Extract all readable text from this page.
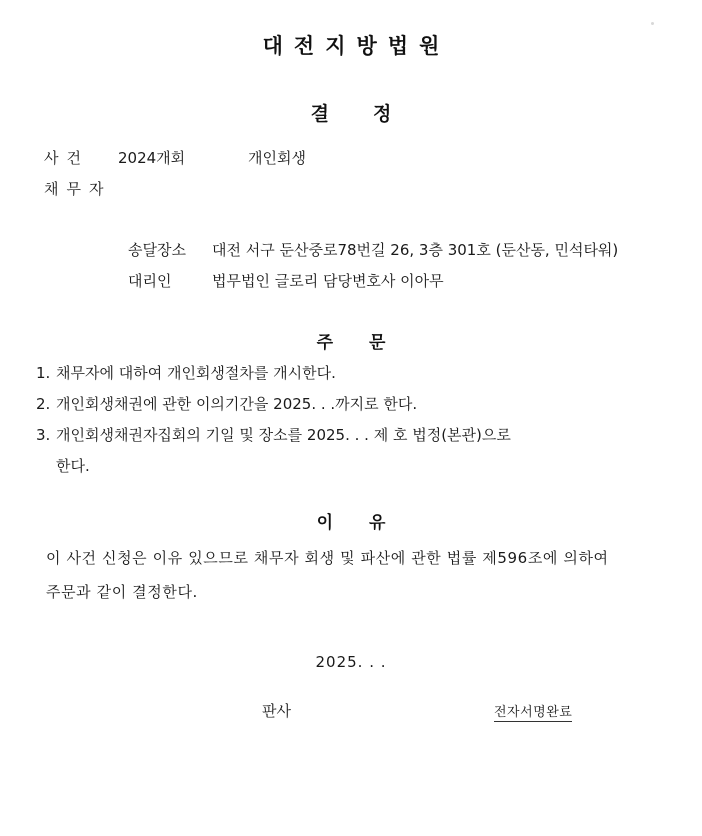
대전지방법원
결정
사건	2024개회	개인회생
채무자
송달장소 대전 서구 둔산중로78번길 26, 3층 301호 (둔산동, 민석타워)
대리인	법무법인 글로리 담당변호사 이아무
주문
1. 채무자에 대하여 개인회생절차를 개시한다.
2. 개인회생채권에 관한 이의기간을 2025. . .까지로 한다.
3. 개인회생채권자집회의 기일 및 장소를 2025. . . 제 호 법정(본관)으로
한다.
이유
이 사건 신청은 이유 있으므로 채무자 회생 및 파산에 관한 법률 제596조에 의하여
주문과 같이 결정한다.
2025. . .
판사	전자서명완료
